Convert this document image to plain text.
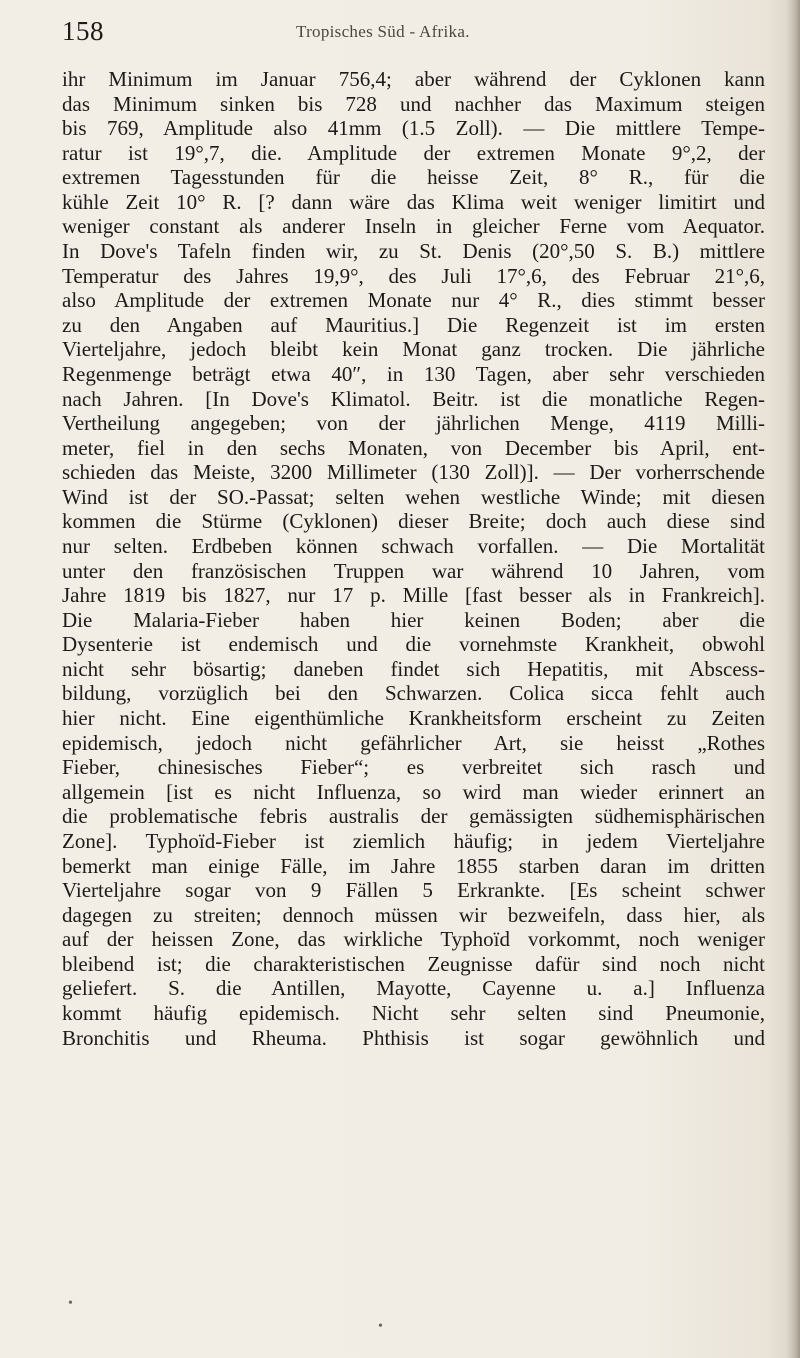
158	Tropisches Süd - Afrika.
ihr Minimum im Januar 756,4; aber während der Cyklonen kann
das Minimum sinken bis 728 und nachher das Maximum steigen
bis 769, Amplitude also 41mm (1.5 Zoll). — Die mittlere Tempe-
ratur ist 19°,7, die. Amplitude der extremen Monate 9°,2, der
extremen Tagesstunden für die heisse Zeit, 8° R., für die
kühle Zeit 10° R. [? dann wäre das Klima weit weniger limitirt und
weniger constant als anderer Inseln in gleicher Ferne vom Aequator.
In Dove's Tafeln finden wir, zu St. Denis (20°,50 S. B.) mittlere
Temperatur des Jahres 19,9°, des Juli 17°,6, des Februar 21°,6,
also Amplitude der extremen Monate nur 4° R., dies stimmt besser
zu den Angaben auf Mauritius.] Die Regenzeit ist im ersten
Vierteljahre, jedoch bleibt kein Monat ganz trocken. Die jährliche
Regenmenge beträgt etwa 40″, in 130 Tagen, aber sehr verschieden
nach Jahren. [In Dove's Klimatol. Beitr. ist die monatliche Regen-
Vertheilung angegeben; von der jährlichen Menge, 4119 Milli-
meter, fiel in den sechs Monaten, von December bis April, ent-
schieden das Meiste, 3200 Millimeter (130 Zoll)]. — Der vorherrschende
Wind ist der SO.-Passat; selten wehen westliche Winde; mit diesen
kommen die Stürme (Cyklonen) dieser Breite; doch auch diese sind
nur selten. Erdbeben können schwach vorfallen. — Die Mortalität
unter den französischen Truppen war während 10 Jahren, vom
Jahre 1819 bis 1827, nur 17 p. Mille [fast besser als in Frankreich].
Die Malaria-Fieber haben hier keinen Boden; aber die
Dysenterie ist endemisch und die vornehmste Krankheit, obwohl
nicht sehr bösartig; daneben findet sich Hepatitis, mit Abscess-
bildung, vorzüglich bei den Schwarzen. Colica sicca fehlt auch
hier nicht. Eine eigenthümliche Krankheitsform erscheint zu Zeiten
epidemisch, jedoch nicht gefährlicher Art, sie heisst „Rothes
Fieber, chinesisches Fieber“; es verbreitet sich rasch und
allgemein [ist es nicht Influenza, so wird man wieder erinnert an
die problematische febris australis der gemässigten südhemisphärischen
Zone]. Typhoïd-Fieber ist ziemlich häufig; in jedem Vierteljahre
bemerkt man einige Fälle, im Jahre 1855 starben daran im dritten
Vierteljahre sogar von 9 Fällen 5 Erkrankte. [Es scheint schwer
dagegen zu streiten; dennoch müssen wir bezweifeln, dass hier, als
auf der heissen Zone, das wirkliche Typhoïd vorkommt, noch weniger
bleibend ist; die charakteristischen Zeugnisse dafür sind noch nicht
geliefert. S. die Antillen, Mayotte, Cayenne u. a.] Influenza
kommt häufig epidemisch. Nicht sehr selten sind Pneumonie,
Bronchitis und Rheuma. Phthisis ist sogar gewöhnlich und
•
•
